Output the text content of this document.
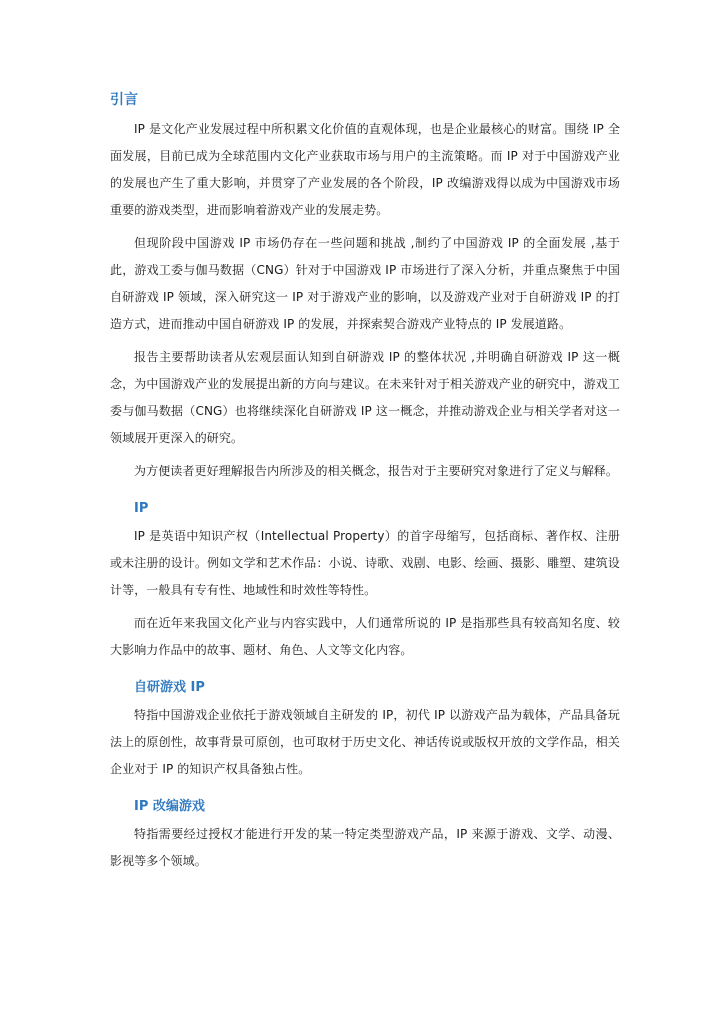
引言

IP 是文化产业发展过程中所积累文化价值的直观体现，也是企业最核心的财富。围绕 IP 全面发展，目前已成为全球范围内文化产业获取市场与用户的主流策略。而 IP 对于中国游戏产业的发展也产生了重大影响，并贯穿了产业发展的各个阶段，IP 改编游戏得以成为中国游戏市场重要的游戏类型，进而影响着游戏产业的发展走势。

但现阶段中国游戏 IP 市场仍存在一些问题和挑战 ,制约了中国游戏 IP 的全面发展 ,基于此，游戏工委与伽马数据（CNG）针对于中国游戏 IP 市场进行了深入分析，并重点聚焦于中国自研游戏 IP 领域，深入研究这一 IP 对于游戏产业的影响，以及游戏产业对于自研游戏 IP 的打造方式，进而推动中国自研游戏 IP 的发展，并探索契合游戏产业特点的 IP 发展道路。

报告主要帮助读者从宏观层面认知到自研游戏 IP 的整体状况 ,并明确自研游戏 IP 这一概念，为中国游戏产业的发展提出新的方向与建议。在未来针对于相关游戏产业的研究中，游戏工委与伽马数据（CNG）也将继续深化自研游戏 IP 这一概念，并推动游戏企业与相关学者对这一领域展开更深入的研究。

为方便读者更好理解报告内所涉及的相关概念，报告对于主要研究对象进行了定义与解释。

IP

IP 是英语中知识产权（Intellectual Property）的首字母缩写，包括商标、著作权、注册或未注册的设计。例如文学和艺术作品：小说、诗歌、戏剧、电影、绘画、摄影、雕塑、建筑设计等，一般具有专有性、地域性和时效性等特性。

而在近年来我国文化产业与内容实践中，人们通常所说的 IP 是指那些具有较高知名度、较大影响力作品中的故事、题材、角色、人文等文化内容。

自研游戏 IP

特指中国游戏企业依托于游戏领域自主研发的 IP，初代 IP 以游戏产品为载体，产品具备玩法上的原创性，故事背景可原创，也可取材于历史文化、神话传说或版权开放的文学作品，相关企业对于 IP 的知识产权具备独占性。

IP 改编游戏

特指需要经过授权才能进行开发的某一特定类型游戏产品，IP 来源于游戏、文学、动漫、影视等多个领域。
